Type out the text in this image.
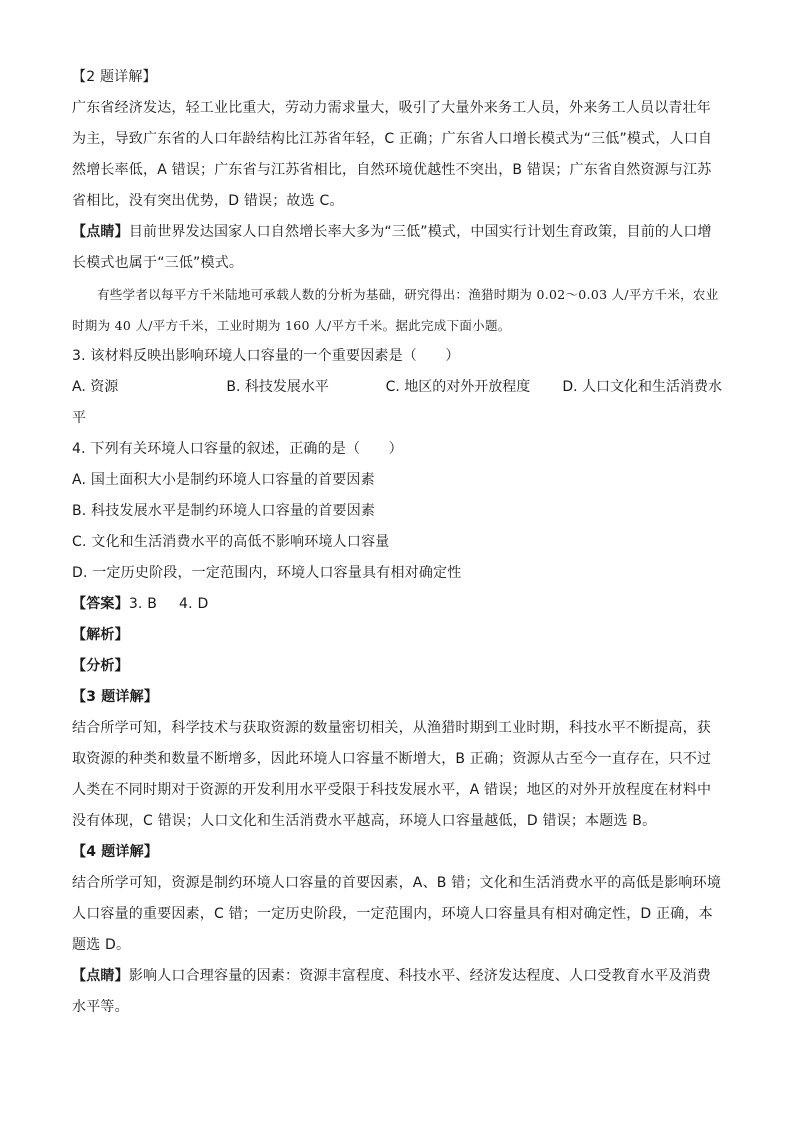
【2 题详解】
广东省经济发达，轻工业比重大，劳动力需求量大，吸引了大量外来务工人员，外来务工人员以青壮年为主，导致广东省的人口年龄结构比江苏省年轻，C 正确；广东省人口增长模式为“三低”模式，人口自然增长率低，A 错误；广东省与江苏省相比，自然环境优越性不突出，B 错误；广东省自然资源与江苏省相比，没有突出优势，D 错误；故选 C。
【点睛】目前世界发达国家人口自然增长率大多为“三低”模式，中国实行计划生育政策，目前的人口增长模式也属于“三低”模式。
有些学者以每平方千米陆地可承载人数的分析为基础，研究得出：渔猎时期为 0.02～0.03 人/平方千米，农业时期为 40 人/平方千米，工业时期为 160 人/平方千米。据此完成下面小题。
3. 该材料反映出影响环境人口容量的一个重要因素是（　　）
A. 资源	B. 科技发展水平	C. 地区的对外开放程度	D. 人口文化和生活消费水
平
4. 下列有关环境人口容量的叙述，正确的是（　　）
A. 国土面积大小是制约环境人口容量的首要因素
B. 科技发展水平是制约环境人口容量的首要因素
C. 文化和生活消费水平的高低不影响环境人口容量
D. 一定历史阶段，一定范围内，环境人口容量具有相对确定性
【答案】3. B 4. D
【解析】
【分析】
【3 题详解】
结合所学可知，科学技术与获取资源的数量密切相关，从渔猎时期到工业时期，科技水平不断提高，获取资源的种类和数量不断增多，因此环境人口容量不断增大，B 正确；资源从古至今一直存在，只不过人类在不同时期对于资源的开发利用水平受限于科技发展水平，A 错误；地区的对外开放程度在材料中没有体现，C 错误；人口文化和生活消费水平越高，环境人口容量越低，D 错误；本题选 B。
【4 题详解】
结合所学可知，资源是制约环境人口容量的首要因素，A、B 错；文化和生活消费水平的高低是影响环境人口容量的重要因素，C 错；一定历史阶段，一定范围内，环境人口容量具有相对确定性，D 正确，本题选 D。
【点睛】影响人口合理容量的因素：资源丰富程度、科技水平、经济发达程度、人口受教育水平及消费水平等。
